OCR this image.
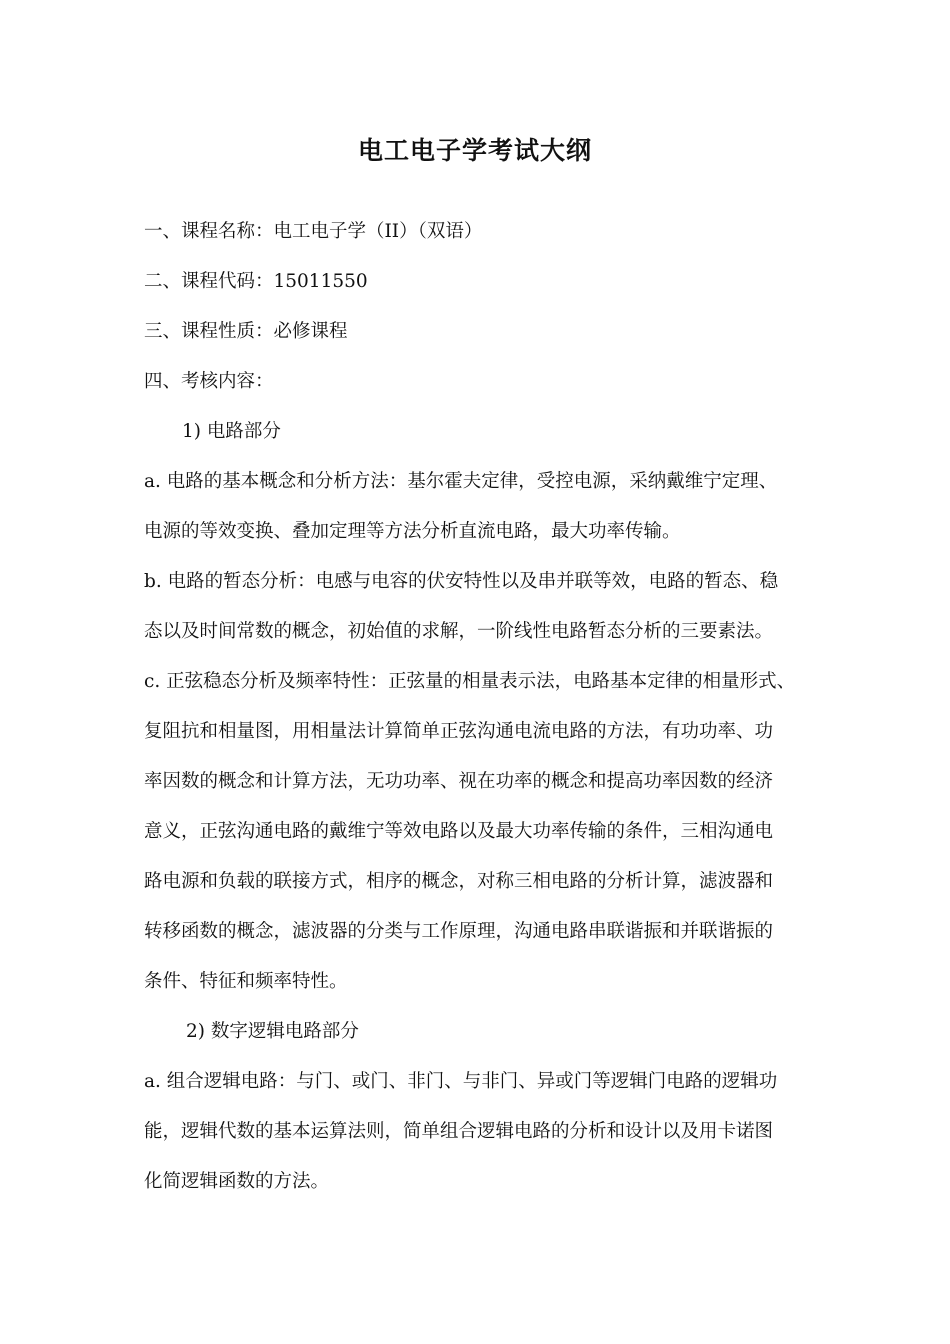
电工电子学考试大纲
一、课程名称：电工电子学（II）（双语）
二、课程代码：15011550
三、课程性质：必修课程
四、考核内容：
1) 电路部分
a. 电路的基本概念和分析方法：基尔霍夫定律，受控电源，采纳戴维宁定理、
电源的等效变换、叠加定理等方法分析直流电路，最大功率传输。
b. 电路的暂态分析：电感与电容的伏安特性以及串并联等效，电路的暂态、稳
态以及时间常数的概念，初始值的求解，一阶线性电路暂态分析的三要素法。
c. 正弦稳态分析及频率特性：正弦量的相量表示法，电路基本定律的相量形式、
复阻抗和相量图，用相量法计算简单正弦沟通电流电路的方法，有功功率、功
率因数的概念和计算方法，无功功率、视在功率的概念和提高功率因数的经济
意义，正弦沟通电路的戴维宁等效电路以及最大功率传输的条件，三相沟通电
路电源和负载的联接方式，相序的概念，对称三相电路的分析计算，滤波器和
转移函数的概念，滤波器的分类与工作原理，沟通电路串联谐振和并联谐振的
条件、特征和频率特性。
2) 数字逻辑电路部分
a. 组合逻辑电路：与门、或门、非门、与非门、异或门等逻辑门电路的逻辑功
能，逻辑代数的基本运算法则，简单组合逻辑电路的分析和设计以及用卡诺图
化简逻辑函数的方法。
